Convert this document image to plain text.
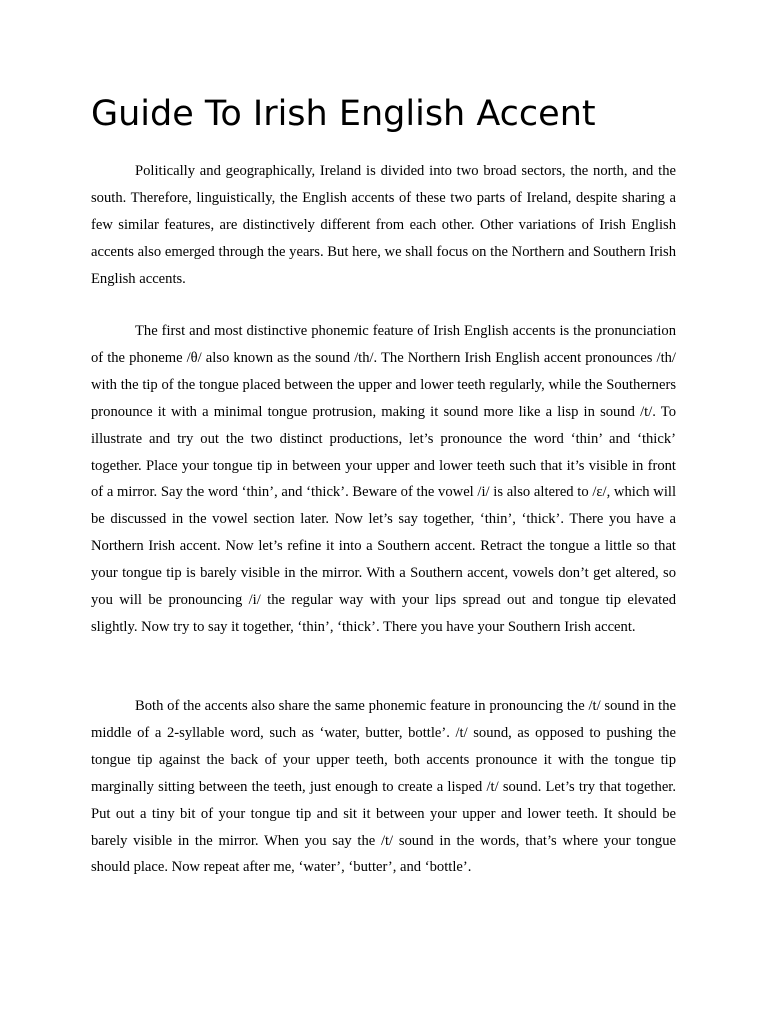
Guide To Irish English Accent

Politically and geographically, Ireland is divided into two broad sectors, the north, and the south. Therefore, linguistically, the English accents of these two parts of Ireland, despite sharing a few similar features, are distinctively different from each other. Other variations of Irish English accents also emerged through the years. But here, we shall focus on the Northern and Southern Irish English accents.

The first and most distinctive phonemic feature of Irish English accents is the pronunciation of the phoneme /θ/ also known as the sound /th/. The Northern Irish English accent pronounces /th/ with the tip of the tongue placed between the upper and lower teeth regularly, while the Southerners pronounce it with a minimal tongue protrusion, making it sound more like a lisp in sound /t/. To illustrate and try out the two distinct productions, let’s pronounce the word ‘thin’ and ‘thick’ together. Place your tongue tip in between your upper and lower teeth such that it’s visible in front of a mirror. Say the word ‘thin’, and ‘thick’. Beware of the vowel /i/ is also altered to /ɛ/, which will be discussed in the vowel section later. Now let’s say together, ‘thin’, ‘thick’. There you have a Northern Irish accent. Now let’s refine it into a Southern accent. Retract the tongue a little so that your tongue tip is barely visible in the mirror. With a Southern accent, vowels don’t get altered, so you will be pronouncing /i/ the regular way with your lips spread out and tongue tip elevated slightly. Now try to say it together, ‘thin’, ‘thick’. There you have your Southern Irish accent.

Both of the accents also share the same phonemic feature in pronouncing the /t/ sound in the middle of a 2-syllable word, such as ‘water, butter, bottle’. /t/ sound, as opposed to pushing the tongue tip against the back of your upper teeth, both accents pronounce it with the tongue tip marginally sitting between the teeth, just enough to create a lisped /t/ sound. Let’s try that together. Put out a tiny bit of your tongue tip and sit it between your upper and lower teeth. It should be barely visible in the mirror. When you say the /t/ sound in the words, that’s where your tongue should place. Now repeat after me, ‘water’, ‘butter’, and ‘bottle’.
